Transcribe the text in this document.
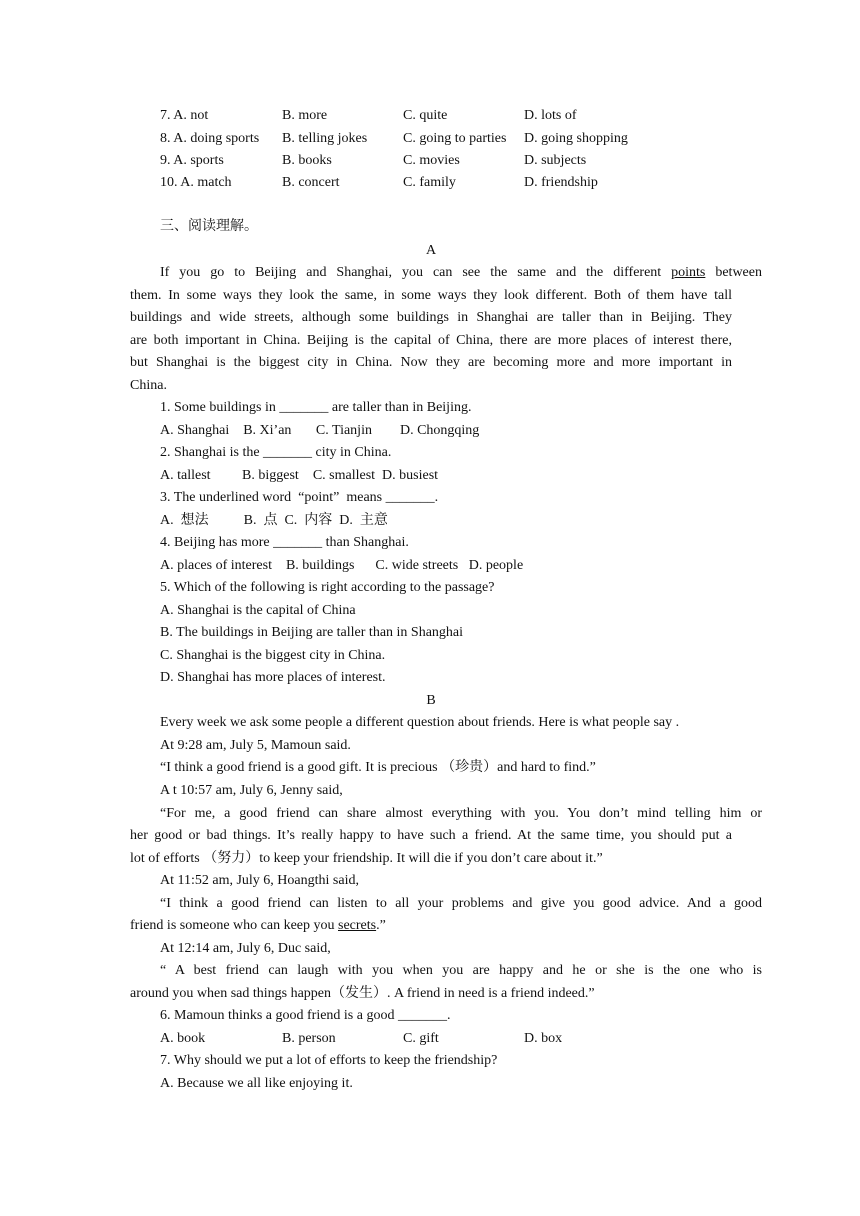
7. A. not	B. more	C. quite	D. lots of
8. A. doing sports B. telling jokes	C. going to parties D. going shopping
9. A. sports	B. books	C. movies	D. subjects
10. A. match	B. concert	C. family	D. friendship
三、阅读理解。
A
If you go to Beijing and Shanghai, you can see the same and the different points between
them. In some ways they look the same, in some ways they look different. Both of them have tall
buildings and wide streets, although some buildings in Shanghai are taller than in Beijing. They
are both important in China. Beijing is the capital of China, there are more places of interest there,
but Shanghai is the biggest city in China. Now they are becoming more and more important in
China.
1. Some buildings in _______ are taller than in Beijing.
A. Shanghai    B. Xi’an       C. Tianjin        D. Chongqing
2. Shanghai is the _______ city in China.
A. tallest         B. biggest    C. smallest  D. busiest
3. The underlined word  “point”  means _______.
A.  想法          B.  点  C.  内容  D.  主意
4. Beijing has more _______ than Shanghai.
A. places of interest    B. buildings      C. wide streets   D. people
5. Which of the following is right according to the passage?
A. Shanghai is the capital of China
B. The buildings in Beijing are taller than in Shanghai
C. Shanghai is the biggest city in China.
D. Shanghai has more places of interest.
B
Every week we ask some people a different question about friends. Here is what people say .
At 9:28 am, July 5, Mamoun said.
“I think a good friend is a good gift. It is precious （珍贵）and hard to find.”
A t 10:57 am, July 6, Jenny said,
“For me, a good friend can share almost everything with you. You don’t mind telling him or
her good or bad things. It’s really happy to have such a friend. At the same time, you should put a
lot of efforts （努力）to keep your friendship. It will die if you don’t care about it.”
At 11:52 am, July 6, Hoangthi said,
“I think a good friend can listen to all your problems and give you good advice. And a good
friend is someone who can keep you secrets.”
At 12:14 am, July 6, Duc said,
“ A best friend can laugh with you when you are happy and he or she is the one who is
around you when sad things happen（发生）. A friend in need is a friend indeed.”
6. Mamoun thinks a good friend is a good _______.
A. book	B. person	C. gift	D. box
7. Why should we put a lot of efforts to keep the friendship?
A. Because we all like enjoying it.
